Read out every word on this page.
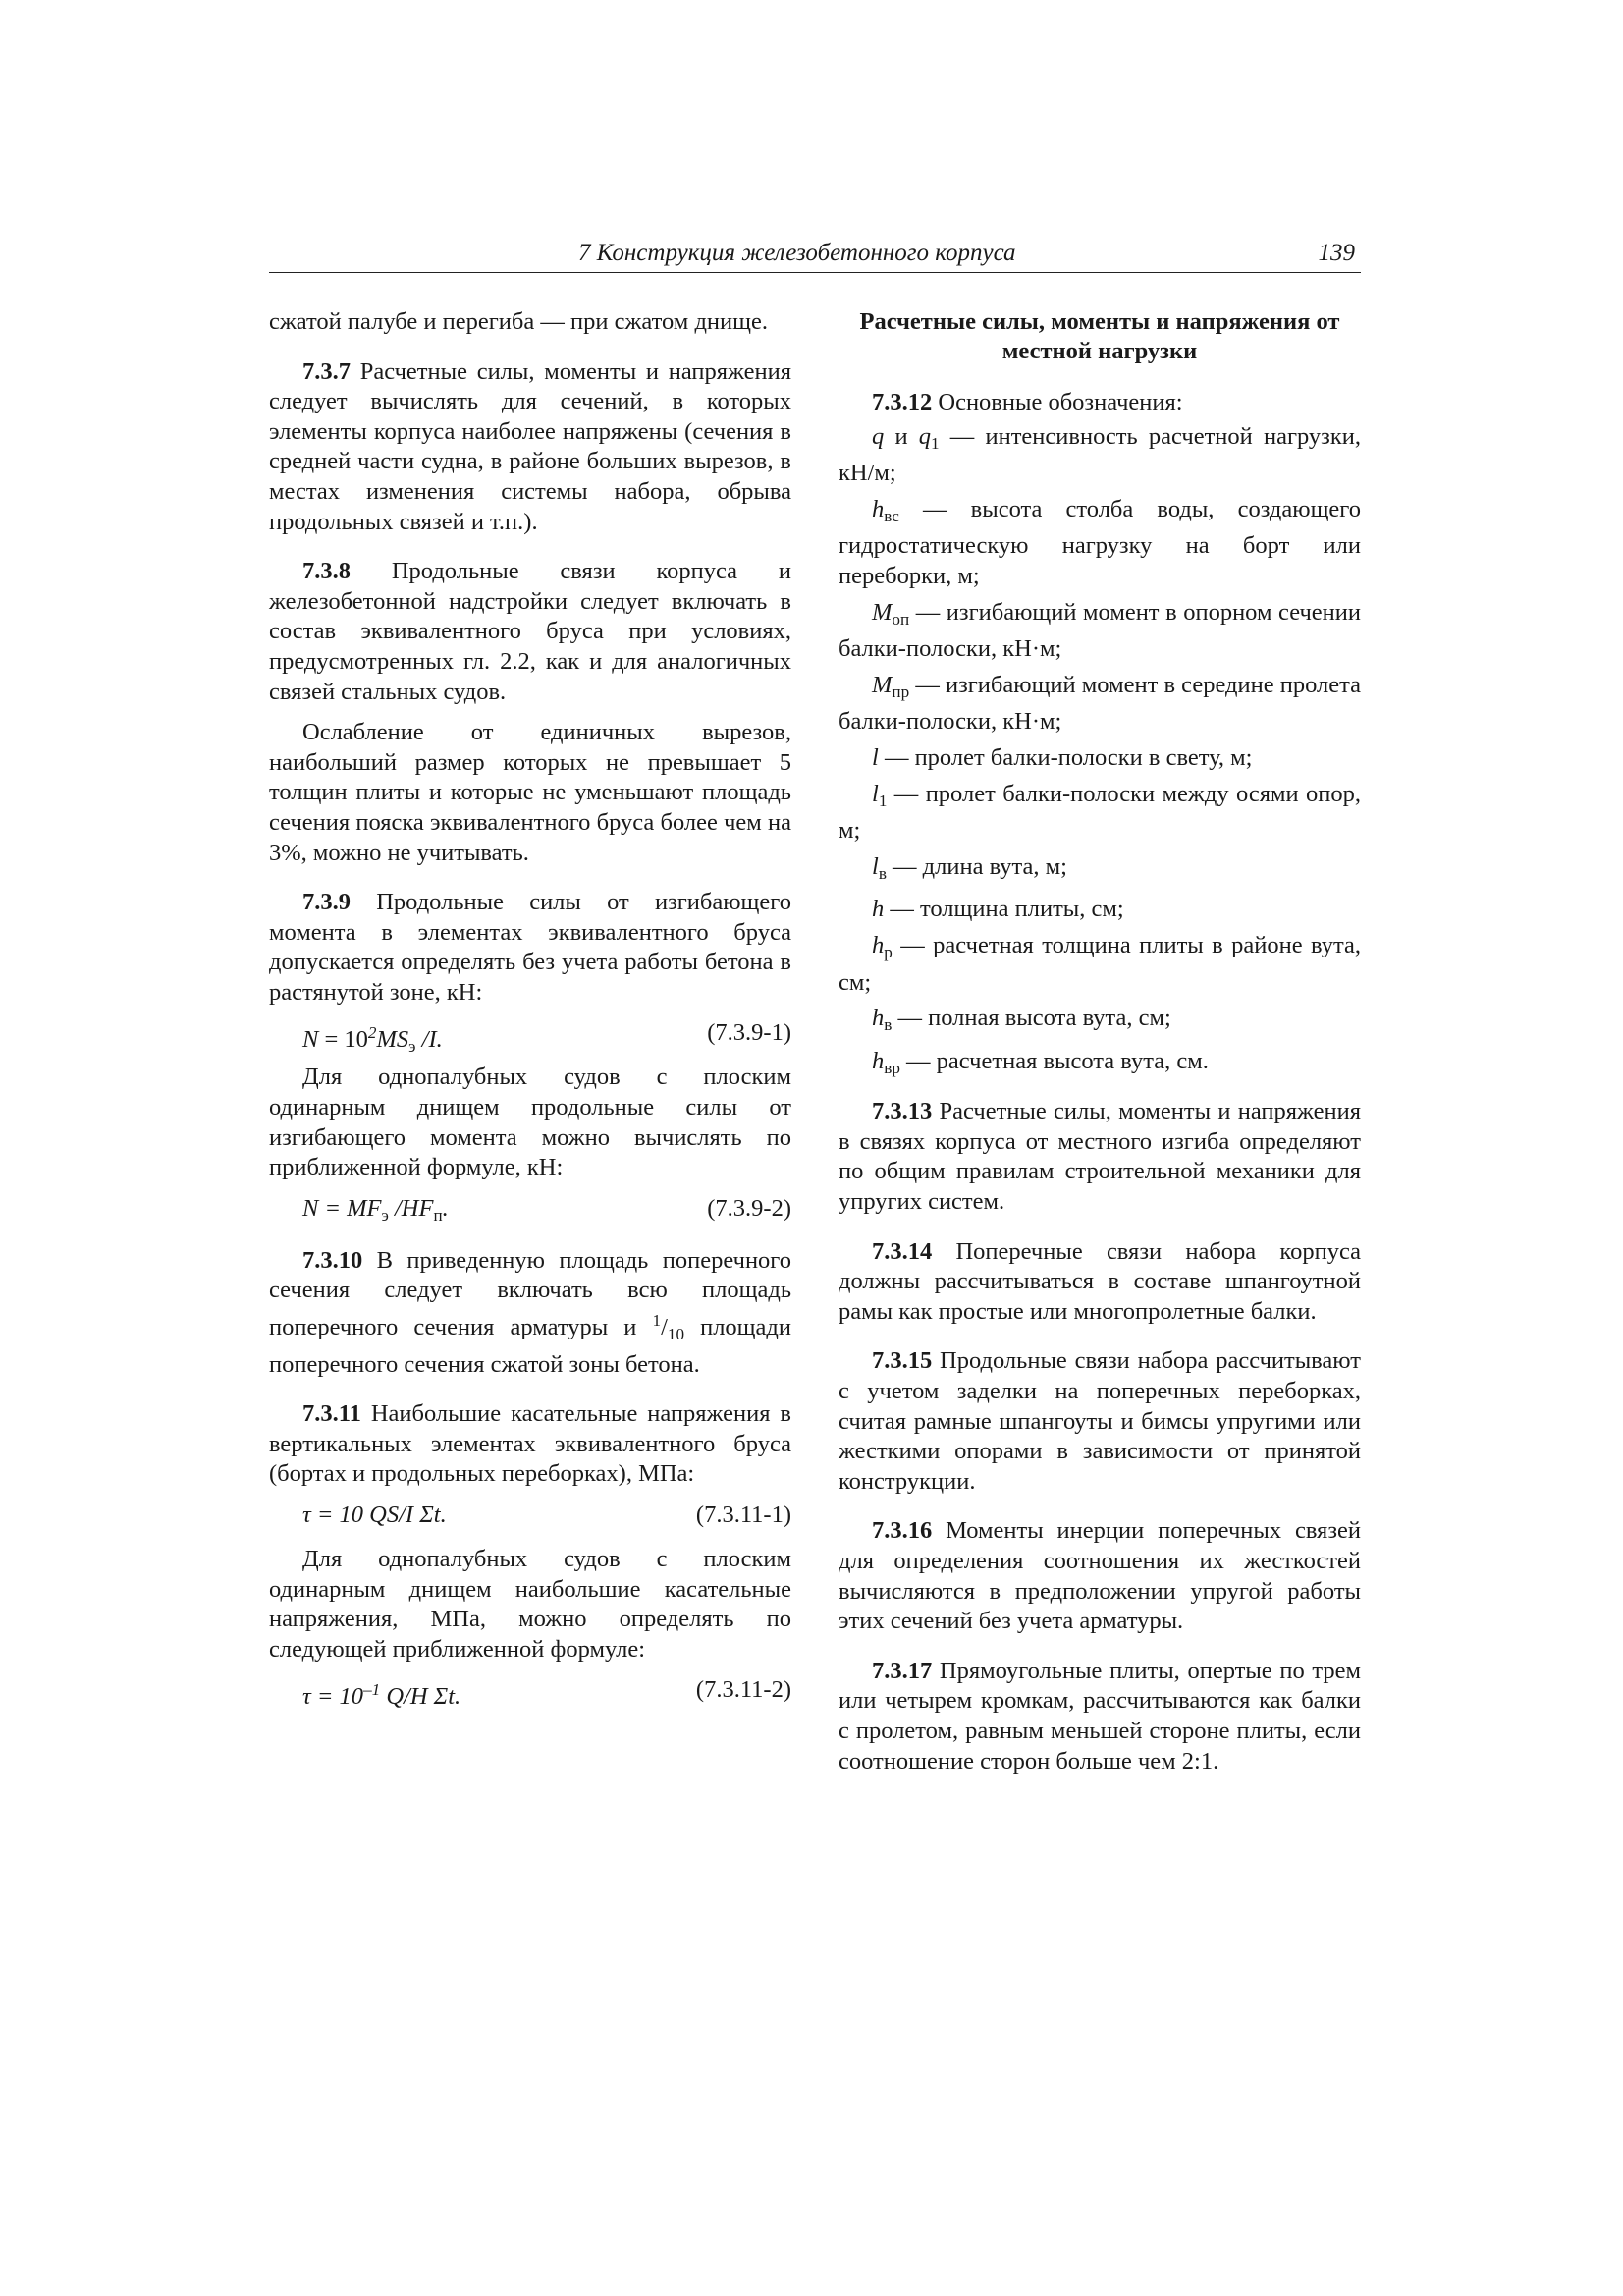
7 Конструкция железобетонного корпуса	139

сжатой палубе и перегиба — при сжатом днище.

7.3.7 Расчетные силы, моменты и напряжения следует вычислять для сечений, в которых элементы корпуса наиболее напряжены (сечения в средней части судна, в районе больших вырезов, в местах изменения системы набора, обрыва продольных связей и т.п.).

7.3.8 Продольные связи корпуса и железобетонной надстройки следует включать в состав эквивалентного бруса при условиях, предусмотренных гл. 2.2, как и для аналогичных связей стальных судов.

Ослабление от единичных вырезов, наибольший размер которых не превышает 5 толщин плиты и которые не уменьшают площадь сечения пояска эквивалентного бруса более чем на 3%, можно не учитывать.

7.3.9 Продольные силы от изгибающего момента в элементах эквивалентного бруса допускается определять без учета работы бетона в растянутой зоне, кН:

$N = 10^2MS_э$ /I.	(7.3.9-1)

Для однопалубных судов с плоским одинарным днищем продольные силы от изгибающего момента можно вычислять по приближенной формуле, кН:

$N = MF_э$ $/HF_п$.	(7.3.9-2)

7.3.10 В приведенную площадь поперечного сечения следует включать всю площадь поперечного сечения арматуры и $^1/_{10}$ площади поперечного сечения сжатой зоны бетона.

7.3.11 Наибольшие касательные напряжения в вертикальных элементах эквивалентного бруса (бортах и продольных переборках), МПа:

τ = 10 QS/I Σt.	(7.3.11-1)

Для однопалубных судов с плоским одинарным днищем наибольшие касательные напряжения, МПа, можно определять по следующей приближенной формуле:

$\tau = 10^{-1}$ Q/H Σt.	(7.3.11-2)
Расчетные силы, моменты и напряжения от местной нагрузки

7.3.12 Основные обозначения:

q и $q_1$ — интенсивность расчетной нагрузки, кН/м;

$h_{вс}$ — высота столба воды, создающего гидростатическую нагрузку на борт или переборки, м;

$M_{оп}$ — изгибающий момент в опорном сечении балки-полоски, кН·м;

$M_{пр}$ — изгибающий момент в середине пролета балки-полоски, кН·м;

l — пролет балки-полоски в свету, м;

$l_1$ — пролет балки-полоски между осями опор, м;

$l_в$ — длина вута, м;

h — толщина плиты, см;

$h_р$ — расчетная толщина плиты в районе вута, см;

$h_в$ — полная высота вута, см;

$h_{вр}$ — расчетная высота вута, см.

7.3.13 Расчетные силы, моменты и напряжения в связях корпуса от местного изгиба определяют по общим правилам строительной механики для упругих систем.

7.3.14 Поперечные связи набора корпуса должны рассчитываться в составе шпангоутной рамы как простые или многопролетные балки.

7.3.15 Продольные связи набора рассчитывают с учетом заделки на поперечных переборках, считая рамные шпангоуты и бимсы упругими или жесткими опорами в зависимости от принятой конструкции.

7.3.16 Моменты инерции поперечных связей для определения соотношения их жесткостей вычисляются в предположении упругой работы этих сечений без учета арматуры.

7.3.17 Прямоугольные плиты, опертые по трем или четырем кромкам, рассчитываются как балки с пролетом, равным меньшей стороне плиты, если соотношение сторон больше чем 2:1.
